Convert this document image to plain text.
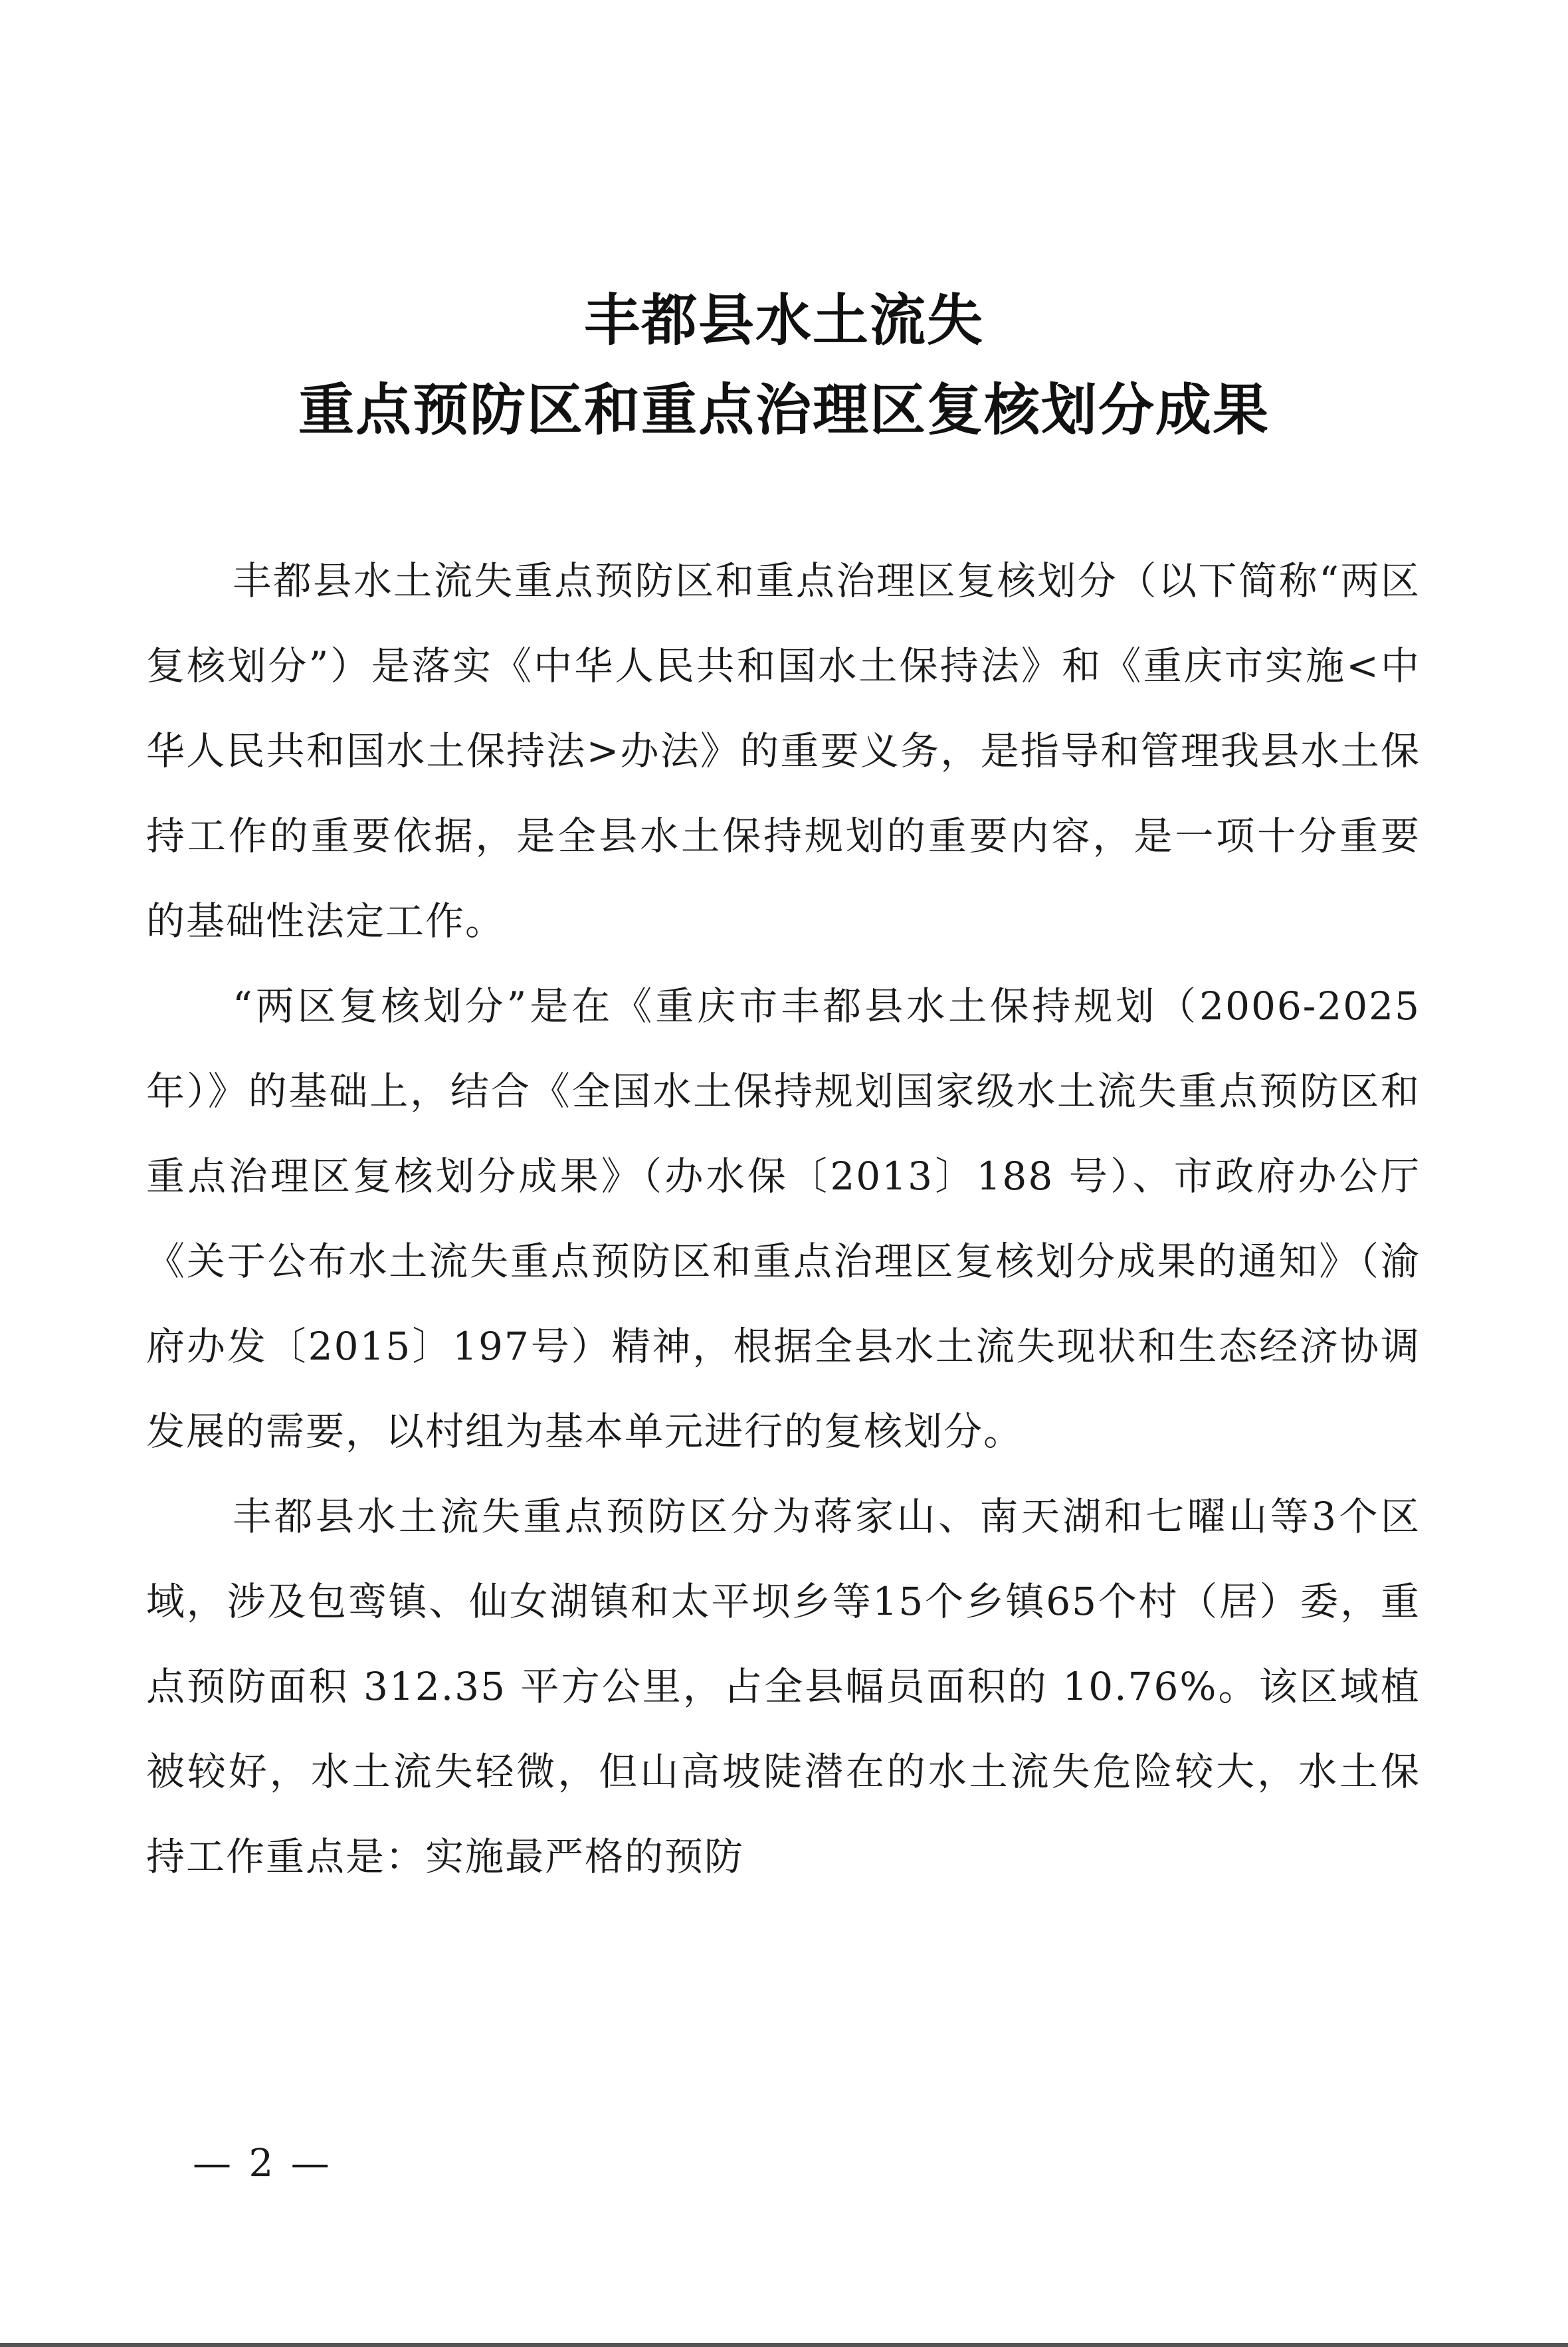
丰都县水土流失
重点预防区和重点治理区复核划分成果

丰都县水土流失重点预防区和重点治理区复核划分（以下简称“两区复核划分”）是落实《中华人民共和国水土保持法》和《重庆市实施<中华人民共和国水土保持法>办法》的重要义务，是指导和管理我县水土保持工作的重要依据，是全县水土保持规划的重要内容，是一项十分重要的基础性法定工作。

“两区复核划分”是在《重庆市丰都县水土保持规划（2006-2025年）》的基础上，结合《全国水土保持规划国家级水土流失重点预防区和重点治理区复核划分成果》（办水保〔2013〕188 号）、市政府办公厅《关于公布水土流失重点预防区和重点治理区复核划分成果的通知》（渝府办发〔2015〕197号）精神，根据全县水土流失现状和生态经济协调发展的需要，以村组为基本单元进行的复核划分。

丰都县水土流失重点预防区分为蒋家山、南天湖和七曜山等3个区域，涉及包鸾镇、仙女湖镇和太平坝乡等15个乡镇65个村（居）委，重点预防面积 312.35 平方公里，占全县幅员面积的 10.76%。该区域植被较好，水土流失轻微，但山高坡陡潜在的水土流失危险较大，水土保持工作重点是：实施最严格的预防

— 2 —
